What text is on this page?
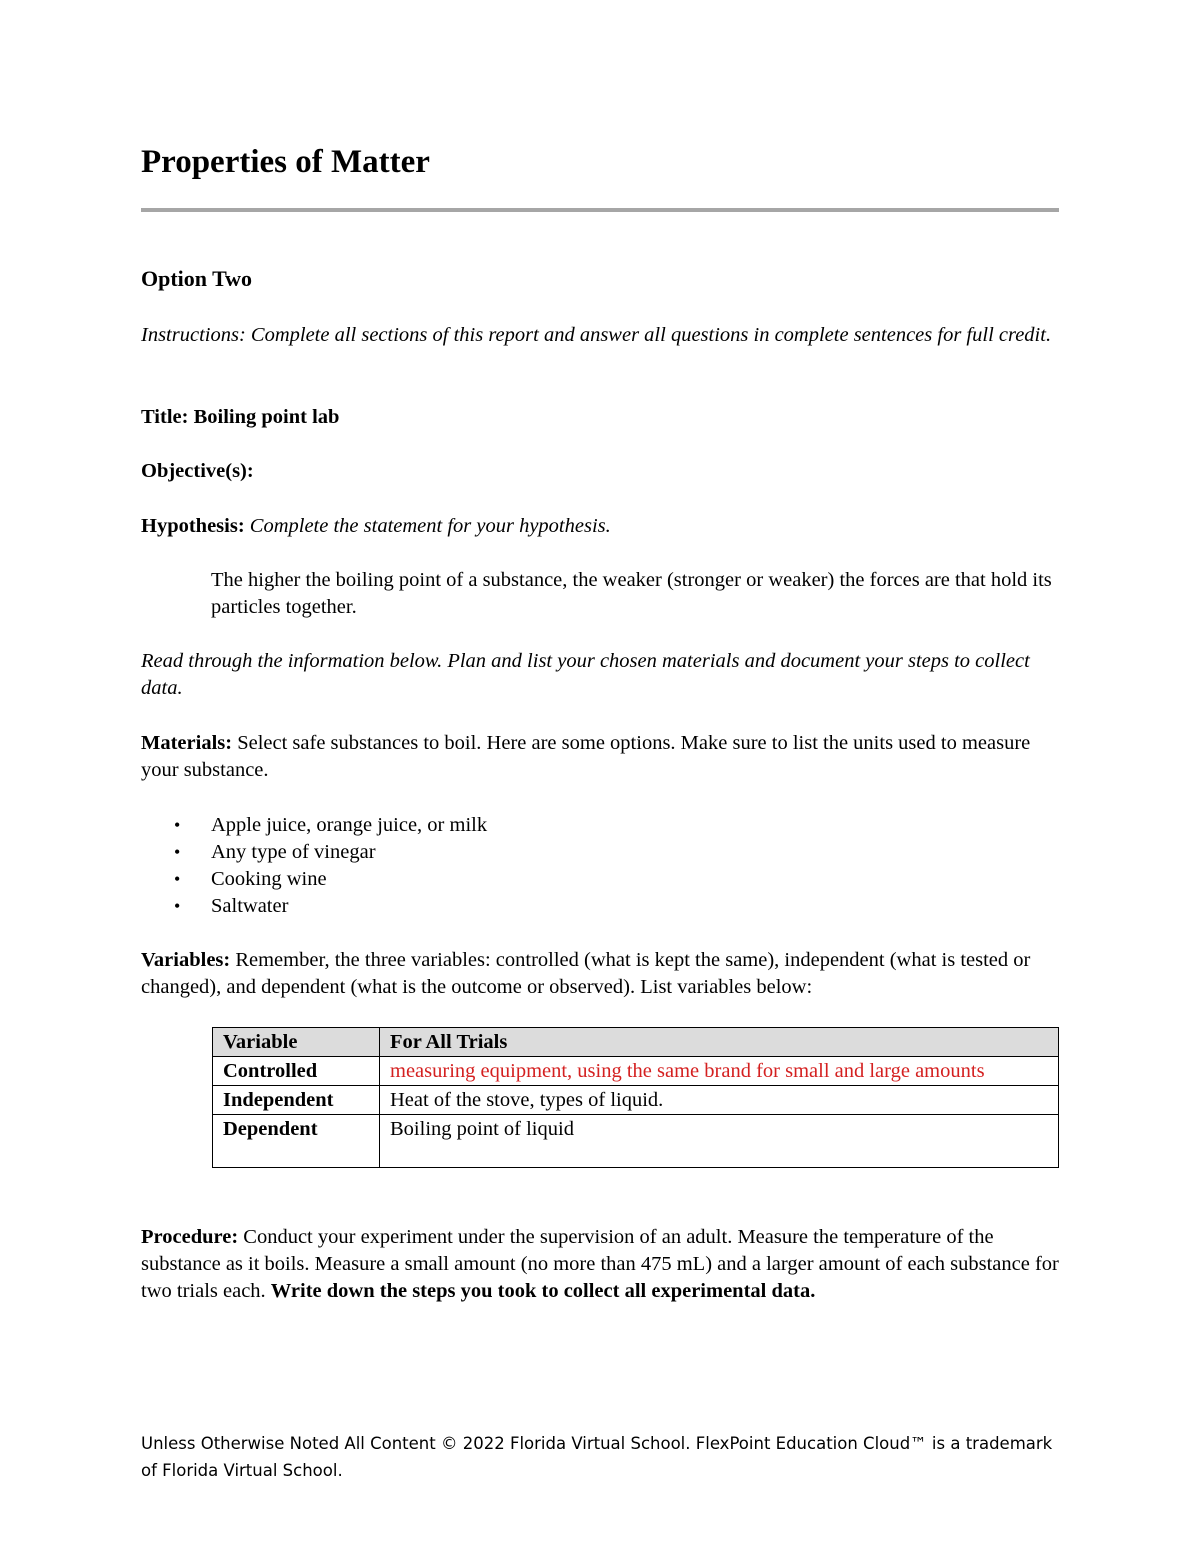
Properties of Matter
Option Two

Instructions: Complete all sections of this report and answer all questions in complete sentences for full credit.

Title: Boiling point lab

Objective(s):

Hypothesis: Complete the statement for your hypothesis.

The higher the boiling point of a substance, the weaker (stronger or weaker) the forces are that hold its particles together.

Read through the information below. Plan and list your chosen materials and document your steps to collect data.

Materials: Select safe substances to boil. Here are some options. Make sure to list the units used to measure your substance.

• Apple juice, orange juice, or milk
• Any type of vinegar
• Cooking wine
• Saltwater

Variables: Remember, the three variables: controlled (what is kept the same), independent (what is tested or changed), and dependent (what is the outcome or observed). List variables below:

Variable	For All Trials
Controlled	measuring equipment, using the same brand for small and large amounts
Independent	Heat of the stove, types of liquid.
Dependent	Boiling point of liquid

Procedure: Conduct your experiment under the supervision of an adult. Measure the temperature of the substance as it boils. Measure a small amount (no more than 475 mL) and a larger amount of each substance for two trials each. Write down the steps you took to collect all experimental data.

Unless Otherwise Noted All Content © 2022 Florida Virtual School. FlexPoint Education Cloud™ is a trademark of Florida Virtual School.
